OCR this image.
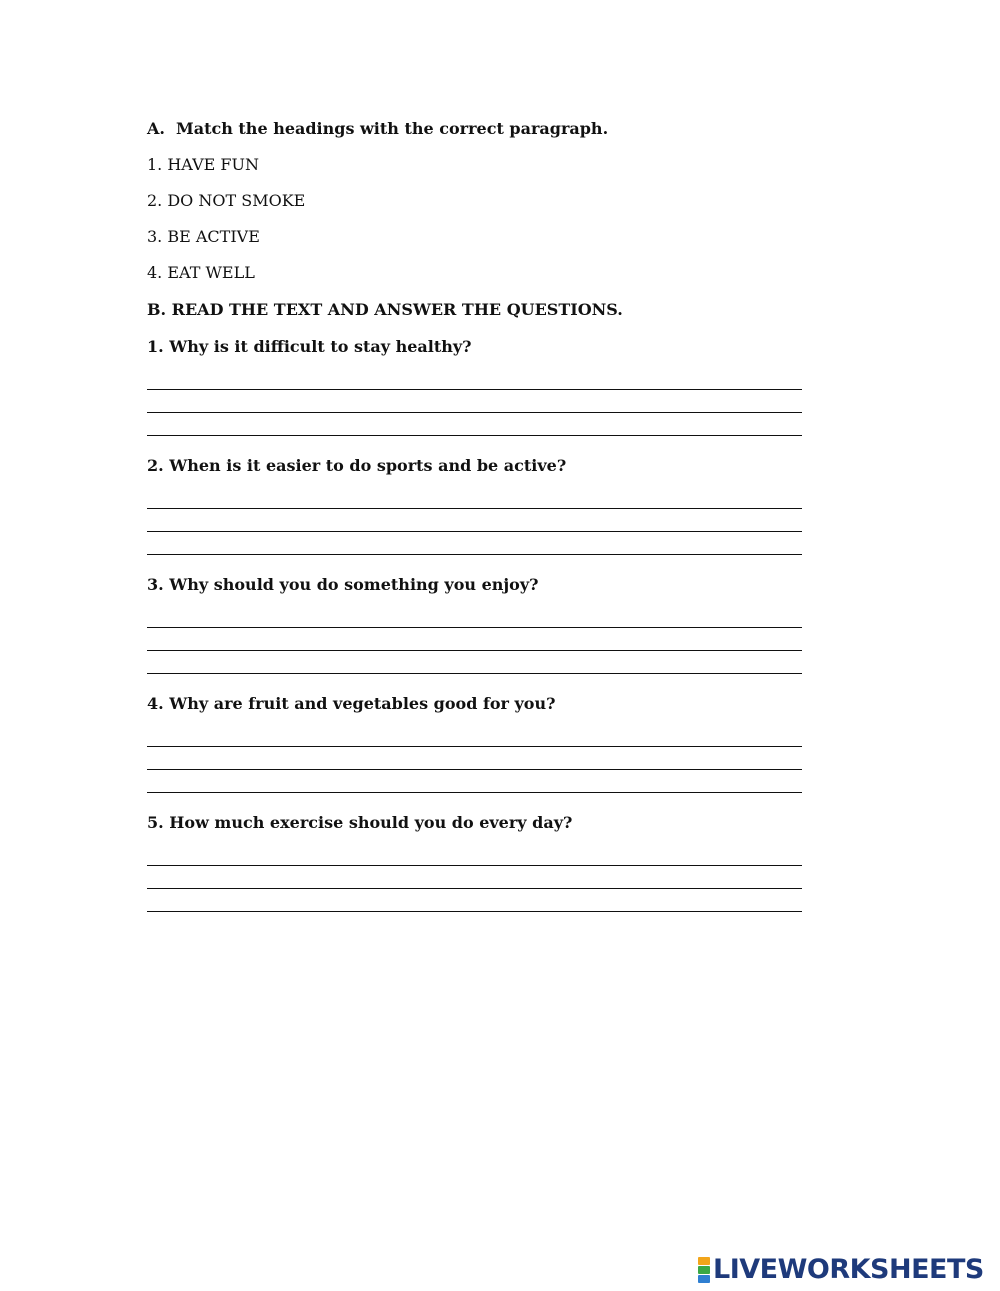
A. Match the headings with the correct paragraph.
1. HAVE FUN
2. DO NOT SMOKE
3. BE ACTIVE
4. EAT WELL
B. READ THE TEXT AND ANSWER THE QUESTIONS.
1. Why is it difficult to stay healthy?
2. When is it easier to do sports and be active?
3. Why should you do something you enjoy?
4. Why are fruit and vegetables good for you?
5. How much exercise should you do every day?
LIVEWORKSHEETS
